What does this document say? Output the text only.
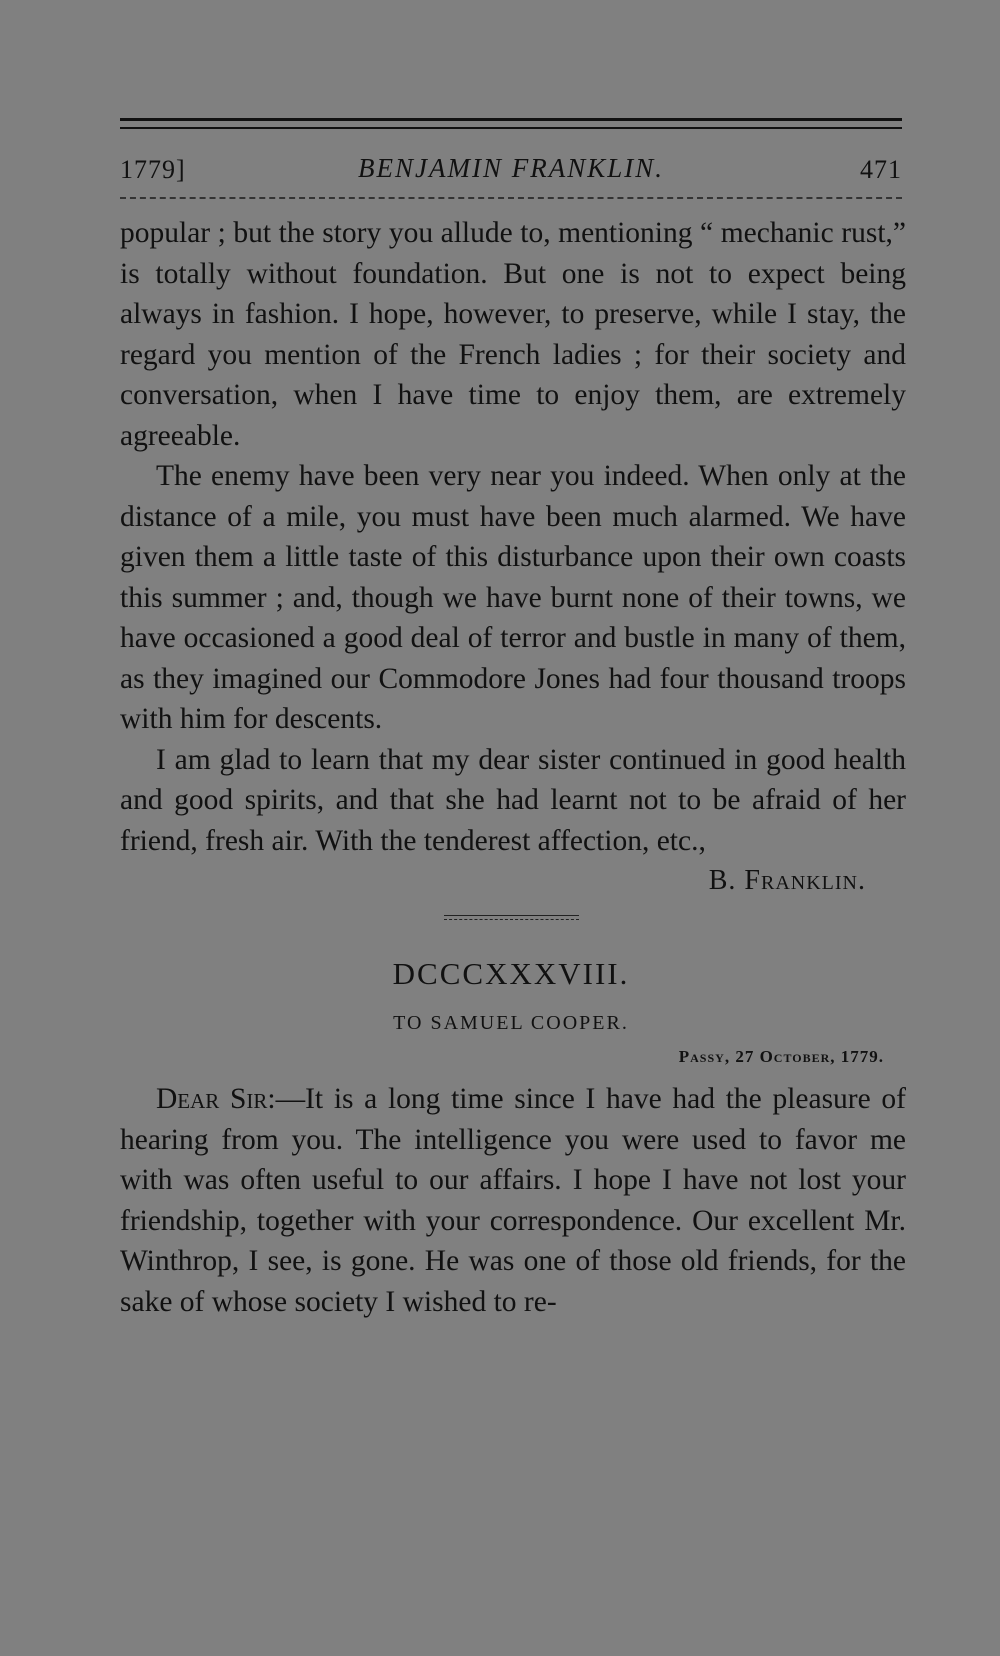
1779]	BENJAMIN FRANKLIN.	471

popular ; but the story you allude to, mentioning “ mechanic rust,” is totally without foundation. But one is not to expect being always in fashion. I hope, however, to preserve, while I stay, the regard you mention of the French ladies ; for their society and conversation, when I have time to enjoy them, are extremely agreeable.

The enemy have been very near you indeed. When only at the distance of a mile, you must have been much alarmed. We have given them a little taste of this disturbance upon their own coasts this summer ; and, though we have burnt none of their towns, we have occasioned a good deal of terror and bustle in many of them, as they imagined our Commodore Jones had four thousand troops with him for descents.

I am glad to learn that my dear sister continued in good health and good spirits, and that she had learnt not to be afraid of her friend, fresh air. With the tenderest affection, etc.,

B. Franklin.
DCCCXXXVIII.
TO SAMUEL COOPER.
Passy, 27 October, 1779.

Dear Sir:—It is a long time since I have had the pleasure of hearing from you. The intelligence you were used to favor me with was often useful to our affairs. I hope I have not lost your friendship, together with your correspondence. Our excellent Mr. Winthrop, I see, is gone. He was one of those old friends, for the sake of whose society I wished to re-
